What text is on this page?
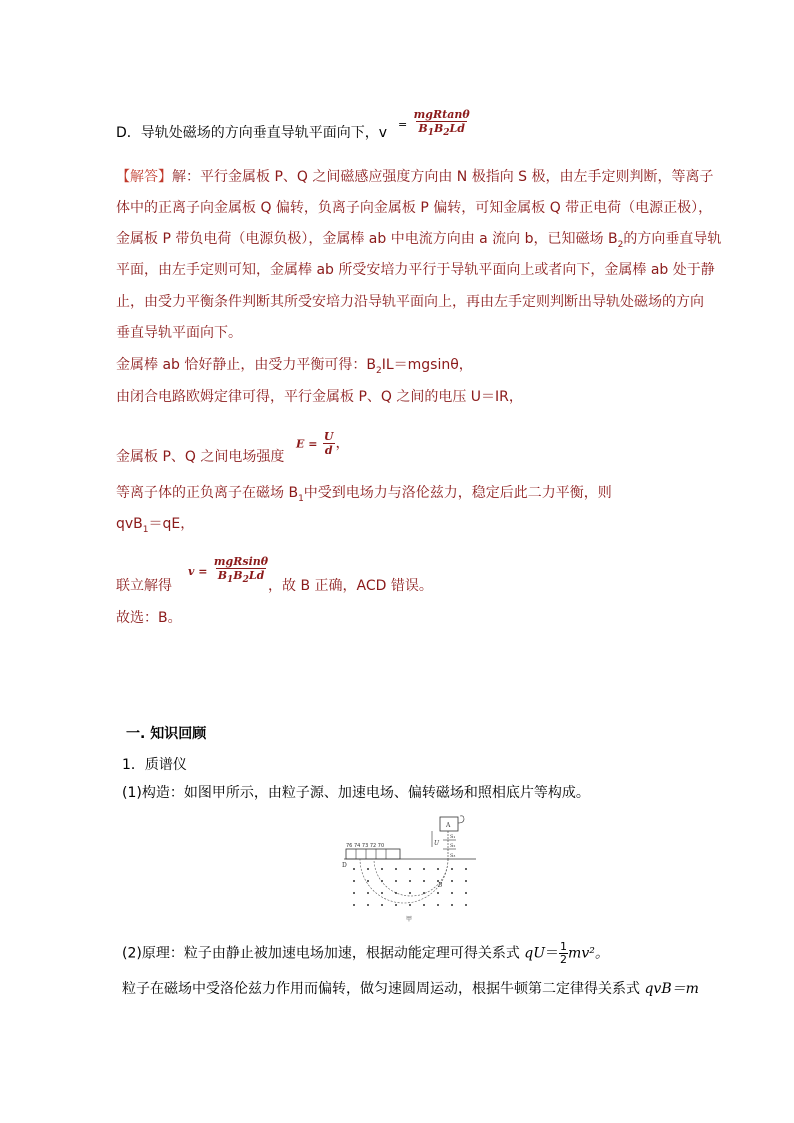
D．导轨处磁场的方向垂直导轨平面向下，v
= $\frac{\text{mgRtanθ}}{B_1B_2Ld}$
【解答】解：平行金属板 P、Q 之间磁感应强度方向由 N 极指向 S 极，由左手定则判断，等离子
体中的正离子向金属板 Q 偏转，负离子向金属板 P 偏转，可知金属板 Q 带正电荷（电源正极），
金属板 P 带负电荷（电源负极），金属棒 ab 中电流方向由 a 流向 b，已知磁场 $B_2$的方向垂直导轨
平面，由左手定则可知，金属棒 ab 所受安培力平行于导轨平面向上或者向下，金属棒 ab 处于静
止，由受力平衡条件判断其所受安培力沿导轨平面向上，再由左手定则判断出导轨处磁场的方向
垂直导轨平面向下。
金属棒 ab 恰好静止，由受力平衡可得：$B_2IL=mgsin\theta$，
由闭合电路欧姆定律可得，平行金属板 P、Q 之间的电压 U＝IR，
金属板 P、Q 之间电场强度
$E = \frac{U}{d}$ ，
等离子体的正负离子在磁场 $B_1$中受到电场力与洛伦兹力，稳定后此二力平衡，则
qvB$_1$＝qE，
联立解得
$v = \frac{\text{mgRsinθ}}{B_1B_2Ld}$
，故 B 正确，ACD 错误。
故选：B。
一. 知识回顾
1．质谱仪
(1)构造：如图甲所示，由粒子源、加速电场、偏转磁场和照相底片等构成。
76 74 73 72 70
A
U
S₁
S₂
S₃
D
B
甲
(2)原理：粒子由静止被加速电场加速，根据动能定理可得关系式 $qU= \frac{1}{2} mv^2$。
粒子在磁场中受洛伦兹力作用而偏转，做匀速圆周运动，根据牛顿第二定律得关系式 qvB＝m
